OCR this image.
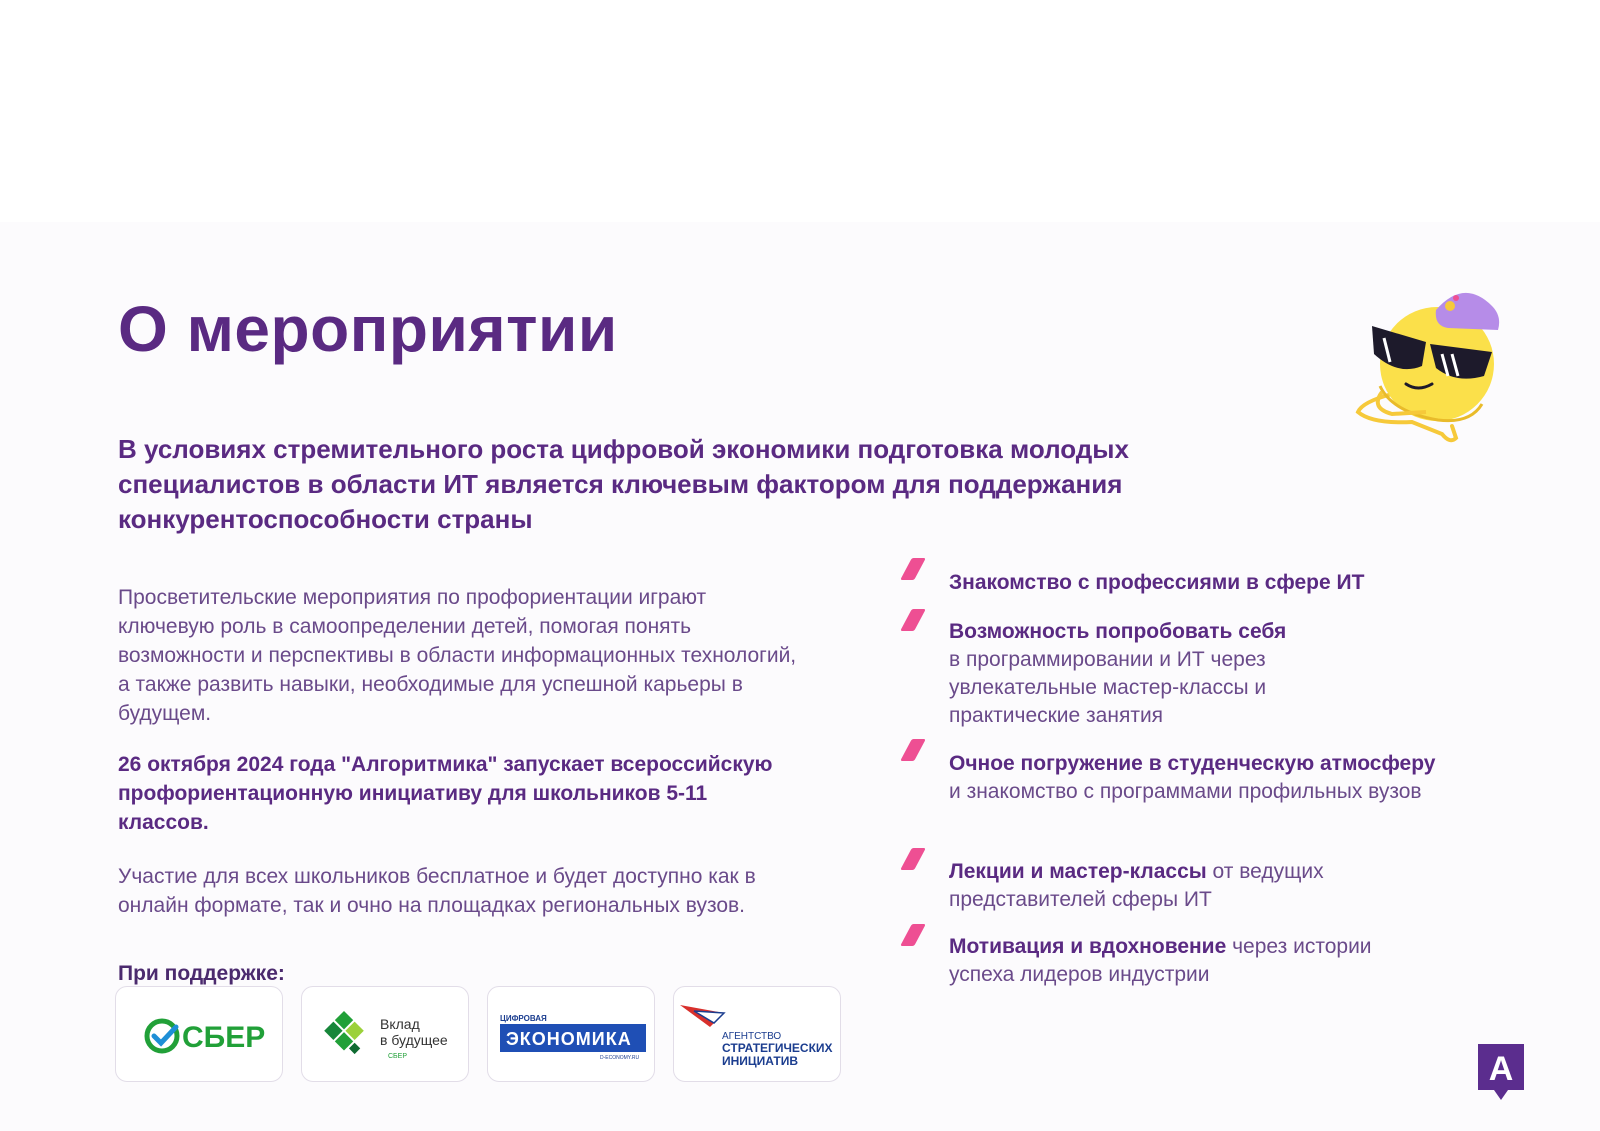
О мероприятии

В условиях стремительного роста цифровой экономики подготовка молодых специалистов в области ИТ является ключевым фактором для поддержания конкурентоспособности страны

Просветительские мероприятия по профориентации играют ключевую роль в самоопределении детей, помогая понять возможности и перспективы в области информационных технологий, а также развить навыки, необходимые для успешной карьеры в будущем.

26 октября 2024 года "Алгоритмика" запускает всероссийскую профориентационную инициативу для школьников 5-11 классов.

Участие для всех школьников бесплатное и будет доступно как в онлайн формате, так и очно на площадках региональных вузов.

При поддержке:
СБЕР	Вклад
в будущее
СБЕР
ЦИФРОВАЯ
ЭКОНОМИКА
D-ECONOMY.RU
АГЕНТСТВО
СТРАТЕГИЧЕСКИХ
ИНИЦИАТИВ

Знакомство с профессиями в сфере ИТ

Возможность попробовать себя
в программировании и ИТ через увлекательные мастер-классы и практические занятия

Очное погружение в студенческую атмосферу и знакомство с программами профильных вузов

Лекции и мастер-классы от ведущих представителей сферы ИТ

Мотивация и вдохновение через истории успеха лидеров индустрии

A
